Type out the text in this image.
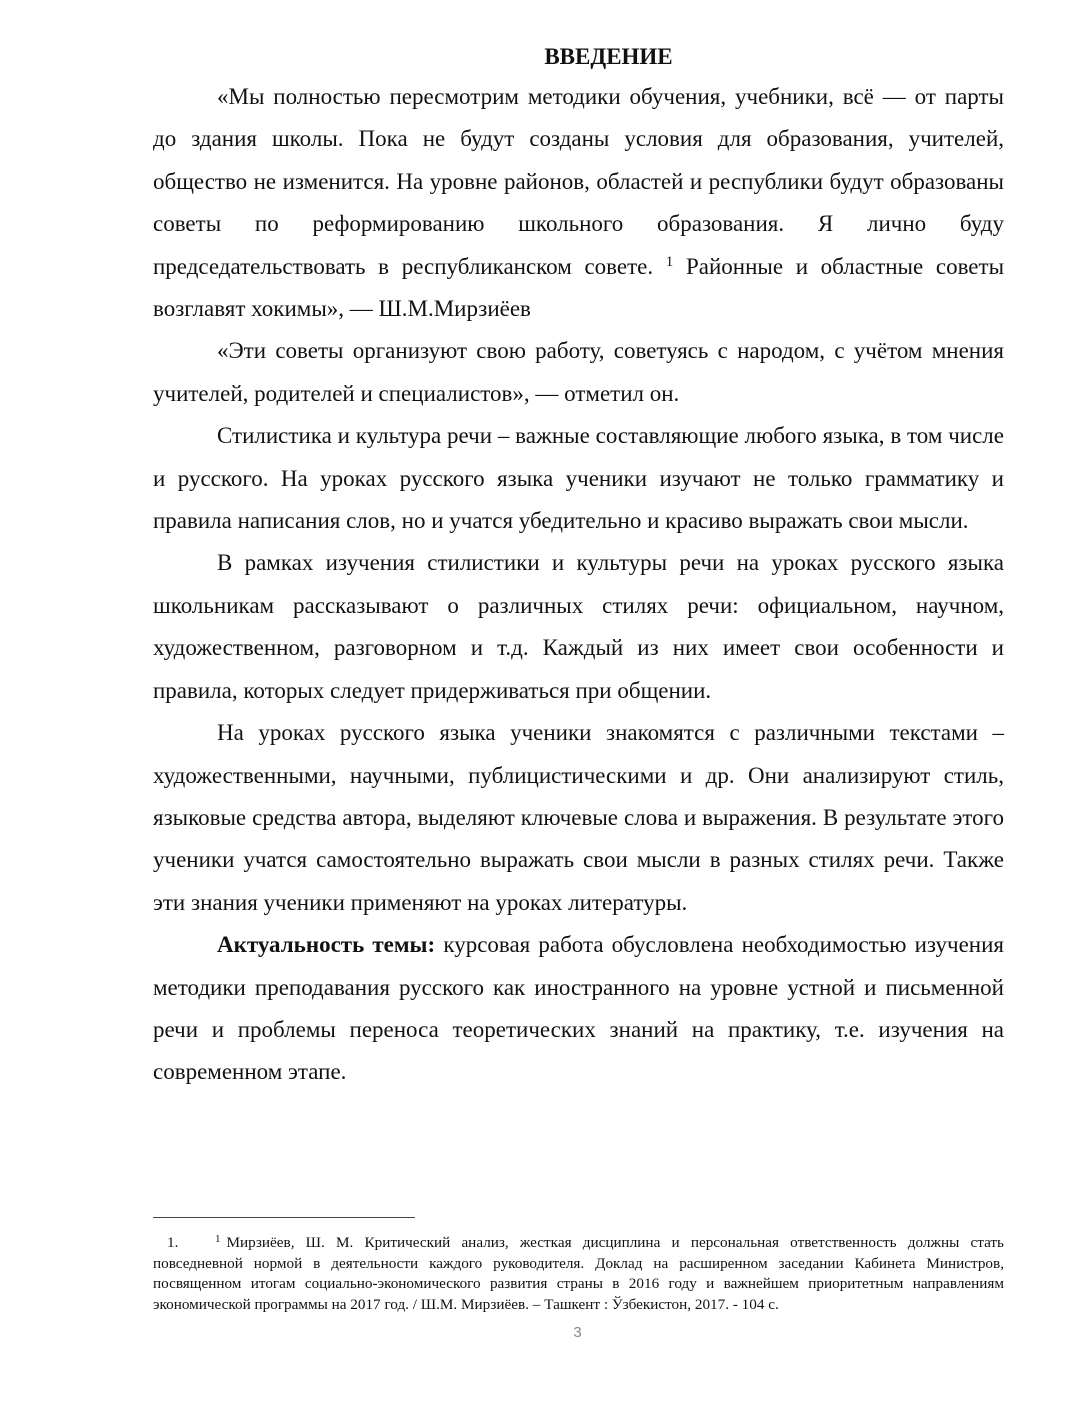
ВВЕДЕНИЕ

«Мы полностью пересмотрим методики обучения, учебники, всё — от парты до здания школы. Пока не будут созданы условия для образования, учителей, общество не изменится. На уровне районов, областей и республики будут образованы советы по реформированию школьного образования. Я лично буду председательствовать в республиканском совете. $^1$ Районные и областные советы возглавят хокимы», — Ш.М.Мирзиёев

«Эти советы организуют свою работу, советуясь с народом, с учётом мнения учителей, родителей и специалистов», — отметил он.

Стилистика и культура речи – важные составляющие любого языка, в том числе и русского. На уроках русского языка ученики изучают не только грамматику и правила написания слов, но и учатся убедительно и красиво выражать свои мысли.

В рамках изучения стилистики и культуры речи на уроках русского языка школьникам рассказывают о различных стилях речи: официальном, научном, художественном, разговорном и т.д. Каждый из них имеет свои особенности и правила, которых следует придерживаться при общении.

На уроках русского языка ученики знакомятся с различными текстами – художественными, научными, публицистическими и др. Они анализируют стиль, языковые средства автора, выделяют ключевые слова и выражения. В результате этого ученики учатся самостоятельно выражать свои мысли в разных стилях речи. Также эти знания ученики применяют на уроках литературы.

Актуальность темы: курсовая работа обусловлена необходимостью изучения методики преподавания русского как иностранного на уровне устной и письменной речи и проблемы переноса теоретических знаний на практику, т.е. изучения на современном этапе.

1.	$^1$ Мирзиёев, Ш. М. Критический анализ, жесткая дисциплина и персональная ответственность должны стать повседневной нормой в деятельности каждого руководителя. Доклад на расширенном заседании Кабинета Министров, посвященном итогам социально-экономического развития страны в 2016 году и важнейшем приоритетным направлениям экономической программы на 2017 год. / Ш.М. Мирзиёев. – Ташкент : Ўзбекистон, 2017. - 104 с.
3
